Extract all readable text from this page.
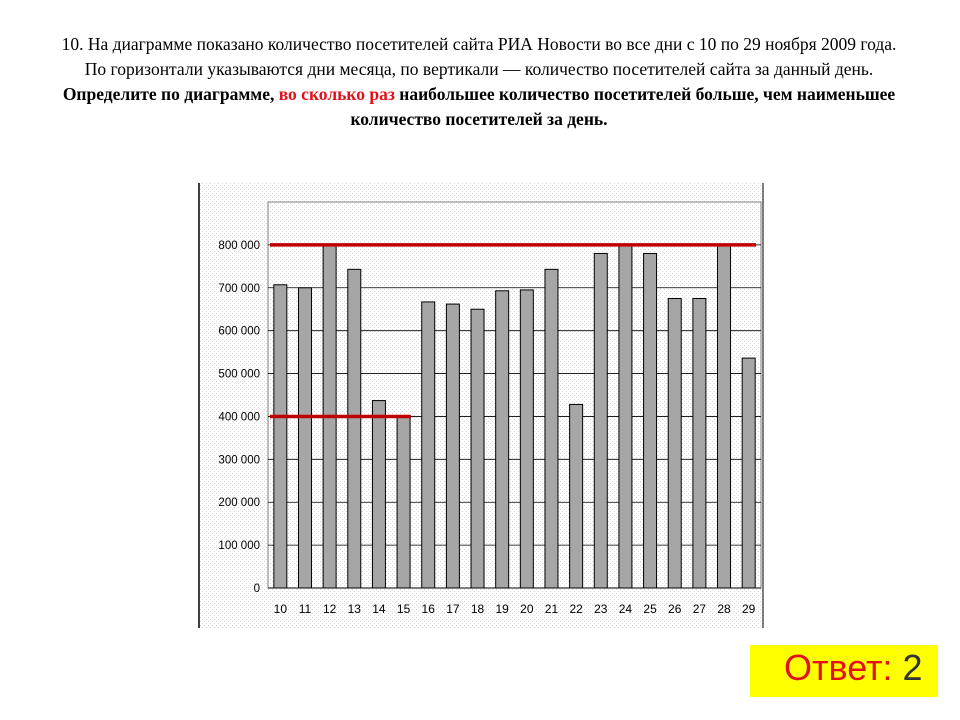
10. На диаграмме показано количество посетителей сайта РИА Новости во все дни с 10 по 29 ноября 2009 года. По горизонтали указываются дни месяца, по вертикали — количество посетителей сайта за данный день. Определите по диаграмме, во сколько раз наибольшее количество посетителей больше, чем наименьшее количество посетителей за день.
0
100 000
200 000
300 000
400 000
500 000
600 000
700 000
800 000
10 11 12 13 14 15 16 17 18 19 20 21 22 23 24 25 26 27 28 29
Ответ: 2
